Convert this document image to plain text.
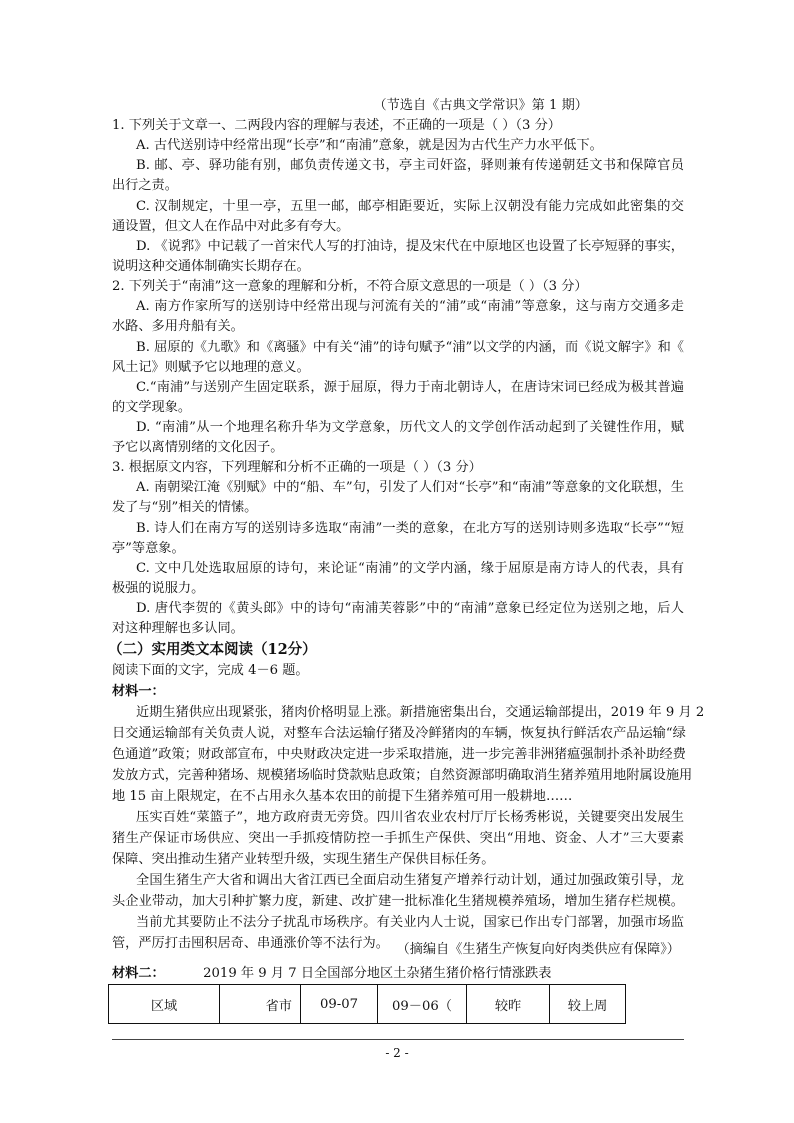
（节选自《古典文学常识》第 1 期）
1. 下列关于文章一、二两段内容的理解与表述，不正确的一项是（ ）（3 分）
A. 古代送别诗中经常出现“长亭”和“南浦”意象，就是因为古代生产力水平低下。
B. 邮、亭、驿功能有别，邮负责传递文书，亭主司奸盗，驿则兼有传递朝廷文书和保障官员
出行之责。
C. 汉制规定，十里一亭，五里一邮，邮亭相距要近，实际上汉朝没有能力完成如此密集的交
通设置，但文人在作品中对此多有夸大。
D. 《说郛》中记载了一首宋代人写的打油诗，提及宋代在中原地区也设置了长亭短驿的事实，
说明这种交通体制确实长期存在。
2. 下列关于“南浦”这一意象的理解和分析，不符合原文意思的一项是（ ）（3 分）
A. 南方作家所写的送别诗中经常出现与河流有关的“浦”或“南浦”等意象，这与南方交通多走
水路、多用舟船有关。
B. 屈原的《九歌》和《离骚》中有关“浦”的诗句赋予“浦”以文学的内涵，而《说文解字》和《
风土记》则赋予它以地理的意义。
C.“南浦”与送别产生固定联系，源于屈原，得力于南北朝诗人，在唐诗宋词已经成为极其普遍
的文学现象。
D. “南浦”从一个地理名称升华为文学意象，历代文人的文学创作活动起到了关键性作用，赋
予它以离情别绪的文化因子。
3. 根据原文内容，下列理解和分析不正确的一项是（ ）（3 分）
A. 南朝梁江淹《别赋》中的“船、车”句，引发了人们对“长亭”和“南浦”等意象的文化联想，生
发了与“别”相关的情愫。
B. 诗人们在南方写的送别诗多选取“南浦”一类的意象，在北方写的送别诗则多选取“长亭”“短
亭”等意象。
C. 文中几处选取屈原的诗句，来论证“南浦”的文学内涵，缘于屈原是南方诗人的代表，具有
极强的说服力。
D. 唐代李贺的《黄头郎》中的诗句“南浦芙蓉影”中的“南浦”意象已经定位为送别之地，后人
对这种理解也多认同。
（二）实用类文本阅读（12分）
阅读下面的文字，完成 4－6 题。
材料一：
近期生猪供应出现紧张，猪肉价格明显上涨。新措施密集出台，交通运输部提出，2019 年 9 月 2
日交通运输部有关负责人说，对整车合法运输仔猪及冷鲜猪肉的车辆，恢复执行鲜活农产品运输“绿
色通道”政策；财政部宣布，中央财政决定进一步采取措施，进一步完善非洲猪瘟强制扑杀补助经费
发放方式，完善种猪场、规模猪场临时贷款贴息政策；自然资源部明确取消生猪养殖用地附属设施用
地 15 亩上限规定，在不占用永久基本农田的前提下生猪养殖可用一般耕地……
压实百姓“菜篮子”，地方政府责无旁贷。四川省农业农村厅厅长杨秀彬说，关键要突出发展生
猪生产保证市场供应、突出一手抓疫情防控一手抓生产保供、突出“用地、资金、人才”三大要素
保障、突出推动生猪产业转型升级，实现生猪生产保供目标任务。
全国生猪生产大省和调出大省江西已全面启动生猪复产增养行动计划，通过加强政策引导，龙
头企业带动，加大引种扩繁力度，新建、改扩建一批标准化生猪规模养殖场，增加生猪存栏规模。
当前尤其要防止不法分子扰乱市场秩序。有关业内人士说，国家已作出专门部署，加强市场监
管，严厉打击囤积居奇、串通涨价等不法行为。 （摘编自《生猪生产恢复向好肉类供应有保障》）
材料二：	2019 年 9 月 7 日全国部分地区土杂猪生猪价格行情涨跌表
区域	省市	09-07	09－06（	较昨	较上周
- 2 -
